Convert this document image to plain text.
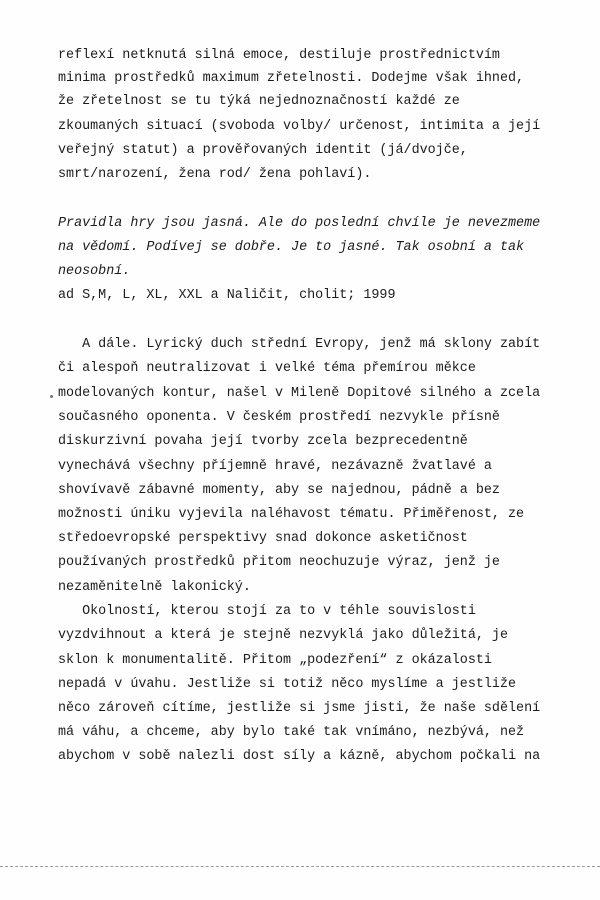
reflexí netknutá silná emoce, destiluje prostřednictvím
minima prostředků maximum zřetelnosti. Dodejme však ihned,
že zřetelnost se tu týká nejednoznačností každé ze
zkoumaných situací (svoboda volby/ určenost, intimita a její
veřejný statut) a prověřovaných identit (já/dvojče,
smrt/narození, žena rod/ žena pohlaví).
Pravidla hry jsou jasná. Ale do poslední chvíle je nevezmeme
na vědomí. Podívej se dobře. Je to jasné. Tak osobní a tak
neosobní.
ad S,M, L, XL, XXL a Naličit, cholit; 1999
A dále. Lyrický duch střední Evropy, jenž má sklony zabít
či alespoň neutralizovat i velké téma přemírou měkce
modelovaných kontur, našel v Mileně Dopitové silného a zcela
současného oponenta. V českém prostředí nezvykle přísně
diskurzivní povaha její tvorby zcela bezprecedentně
vynechává všechny příjemně hravé, nezávazně žvatlavé a
shovívavě zábavné momenty, aby se najednou, pádně a bez
možnosti úniku vyjevila naléhavost tématu. Přiměřenost, ze
středoevropské perspektivy snad dokonce asketičnost
používaných prostředků přitom neochuzuje výraz, jenž je
nezaměnitelně lakonický.
Okolností, kterou stojí za to v téhle souvislosti
vyzdvihnout a která je stejně nezvyklá jako důležitá, je
sklon k monumentalitě. Přitom „podezření“ z okázalosti
nepadá v úvahu. Jestliže si totiž něco myslíme a jestliže
něco zároveň cítíme, jestliže si jsme jisti, že naše sdělení
má váhu, a chceme, aby bylo také tak vnímáno, nezbývá, než
abychom v sobě nalezli dost síly a kázně, abychom počkali na
